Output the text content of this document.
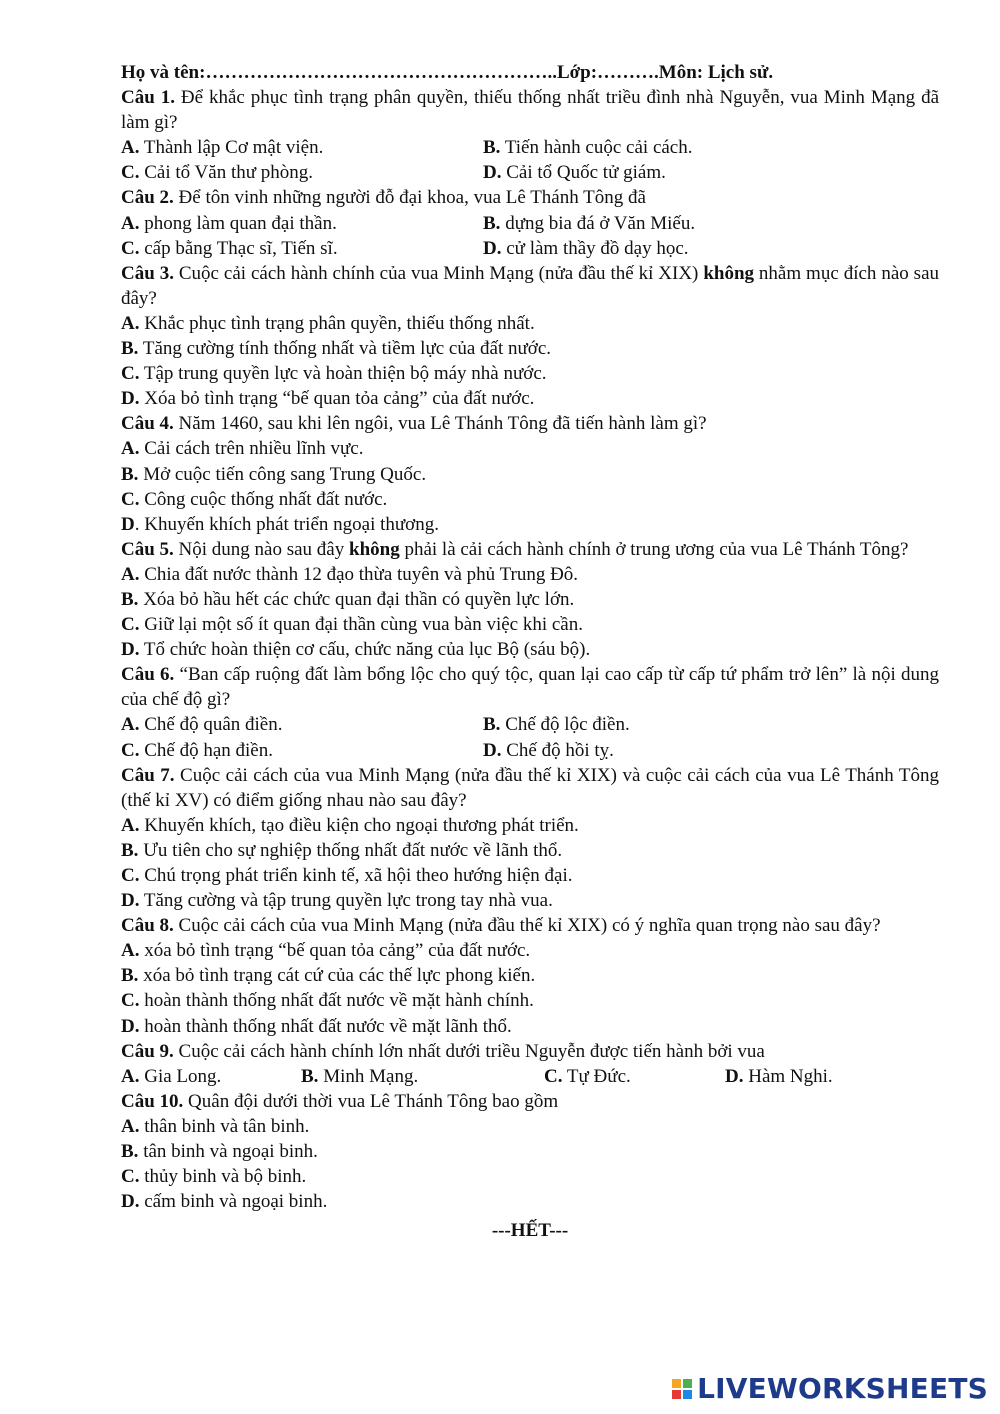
Họ và tên:………………………………………………..Lớp:……….Môn: Lịch sử.
Câu 1. Để khắc phục tình trạng phân quyền, thiếu thống nhất triều đình nhà Nguyễn, vua Minh Mạng đã làm gì?
A. Thành lập Cơ mật viện.	B. Tiến hành cuộc cải cách.
C. Cải tổ Văn thư phòng.	D. Cải tổ Quốc tử giám.
Câu 2. Để tôn vinh những người đỗ đại khoa, vua Lê Thánh Tông đã
A. phong làm quan đại thần.	B. dựng bia đá ở Văn Miếu.
C. cấp bằng Thạc sĩ, Tiến sĩ.	D. cử làm thầy đồ dạy học.
Câu 3. Cuộc cải cách hành chính của vua Minh Mạng (nửa đầu thế kỉ XIX) không nhằm mục đích nào sau đây?
A. Khắc phục tình trạng phân quyền, thiếu thống nhất.
B. Tăng cường tính thống nhất và tiềm lực của đất nước.
C. Tập trung quyền lực và hoàn thiện bộ máy nhà nước.
D. Xóa bỏ tình trạng “bế quan tỏa cảng” của đất nước.
Câu 4. Năm 1460, sau khi lên ngôi, vua Lê Thánh Tông đã tiến hành làm gì?
A. Cải cách trên nhiều lĩnh vực.
B. Mở cuộc tiến công sang Trung Quốc.
C. Công cuộc thống nhất đất nước.
D. Khuyến khích phát triển ngoại thương.
Câu 5. Nội dung nào sau đây không phải là cải cách hành chính ở trung ương của vua Lê Thánh Tông?
A. Chia đất nước thành 12 đạo thừa tuyên và phủ Trung Đô.
B. Xóa bỏ hầu hết các chức quan đại thần có quyền lực lớn.
C. Giữ lại một số ít quan đại thần cùng vua bàn việc khi cần.
D. Tổ chức hoàn thiện cơ cấu, chức năng của lục Bộ (sáu bộ).
Câu 6. “Ban cấp ruộng đất làm bổng lộc cho quý tộc, quan lại cao cấp từ cấp tứ phẩm trở lên” là nội dung của chế độ gì?
A. Chế độ quân điền.	B. Chế độ lộc điền.
C. Chế độ hạn điền.	D. Chế độ hồi tỵ.
Câu 7. Cuộc cải cách của vua Minh Mạng (nửa đầu thế kỉ XIX) và cuộc cải cách của vua Lê Thánh Tông (thế kỉ XV) có điểm giống nhau nào sau đây?
A. Khuyến khích, tạo điều kiện cho ngoại thương phát triển.
B. Ưu tiên cho sự nghiệp thống nhất đất nước về lãnh thổ.
C. Chú trọng phát triển kinh tế, xã hội theo hướng hiện đại.
D. Tăng cường và tập trung quyền lực trong tay nhà vua.
Câu 8. Cuộc cải cách của vua Minh Mạng (nửa đầu thế kỉ XIX) có ý nghĩa quan trọng nào sau đây?
A. xóa bỏ tình trạng “bế quan tỏa cảng” của đất nước.
B. xóa bỏ tình trạng cát cứ của các thế lực phong kiến.
C. hoàn thành thống nhất đất nước về mặt hành chính.
D. hoàn thành thống nhất đất nước về mặt lãnh thổ.
Câu 9. Cuộc cải cách hành chính lớn nhất dưới triều Nguyễn được tiến hành bởi vua
A. Gia Long.	B. Minh Mạng.	C. Tự Đức.	D. Hàm Nghi.
Câu 10. Quân đội dưới thời vua Lê Thánh Tông bao gồm
A. thân binh và tân binh.
B. tân binh và ngoại binh.
C. thủy binh và bộ binh.
D. cấm binh và ngoại binh.
---HẾT---
LIVEWORKSHEETS
